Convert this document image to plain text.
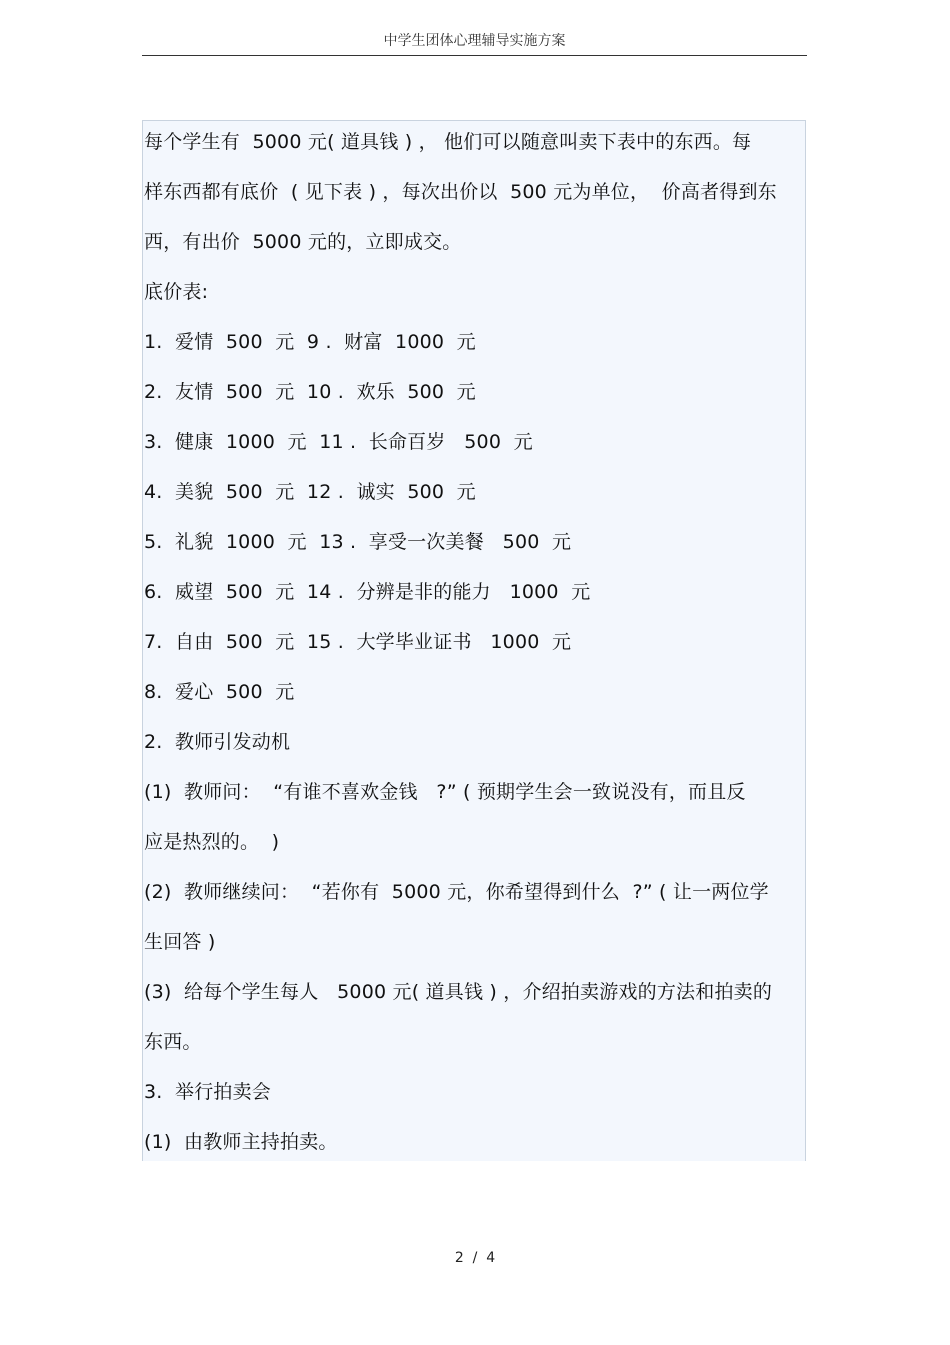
中学生团体心理辅导实施方案
每个学生有  5000 元( 道具钱 ) ， 他们可以随意叫卖下表中的东西。每
样东西都有底价  ( 见下表 ) ，每次出价以  500 元为单位，  价高者得到东
西，有出价  5000 元的，立即成交。
底价表:
1.  爱情  500  元  9 .  财富  1000  元
2.  友情  500  元  10 .  欢乐  500  元
3.  健康  1000  元  11 .  长命百岁   500  元
4.  美貌  500  元  12 .  诚实  500  元
5.  礼貌  1000  元  13 .  享受一次美餐   500  元
6.  威望  500  元  14 .  分辨是非的能力   1000  元
7.  自由  500  元  15 .  大学毕业证书   1000  元
8.  爱心  500  元
2.  教师引发动机
(1)  教师问：  “有谁不喜欢金钱   ?” ( 预期学生会一致说没有，而且反
应是热烈的。  )
(2)  教师继续问：  “若你有  5000 元，你希望得到什么  ?” ( 让一两位学
生回答 )
(3)  给每个学生每人   5000 元( 道具钱 ) ，介绍拍卖游戏的方法和拍卖的
东西。
3.  举行拍卖会
(1)  由教师主持拍卖。
2  /  4
